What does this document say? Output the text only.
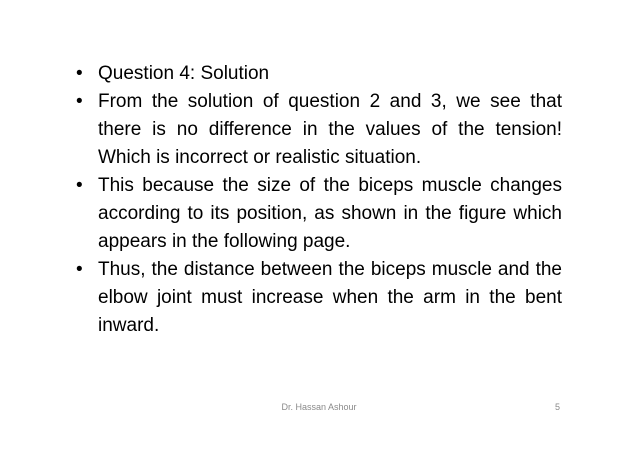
• Question 4: Solution
• From the solution of question 2 and 3, we see that there is no difference in the values of the tension! Which is incorrect or realistic situation.
• This because the size of the biceps muscle changes according to its position, as shown in the figure which appears in the following page.
• Thus, the distance between the biceps muscle and the elbow joint must increase when the arm in the bent inward.
Dr. Hassan Ashour	5
